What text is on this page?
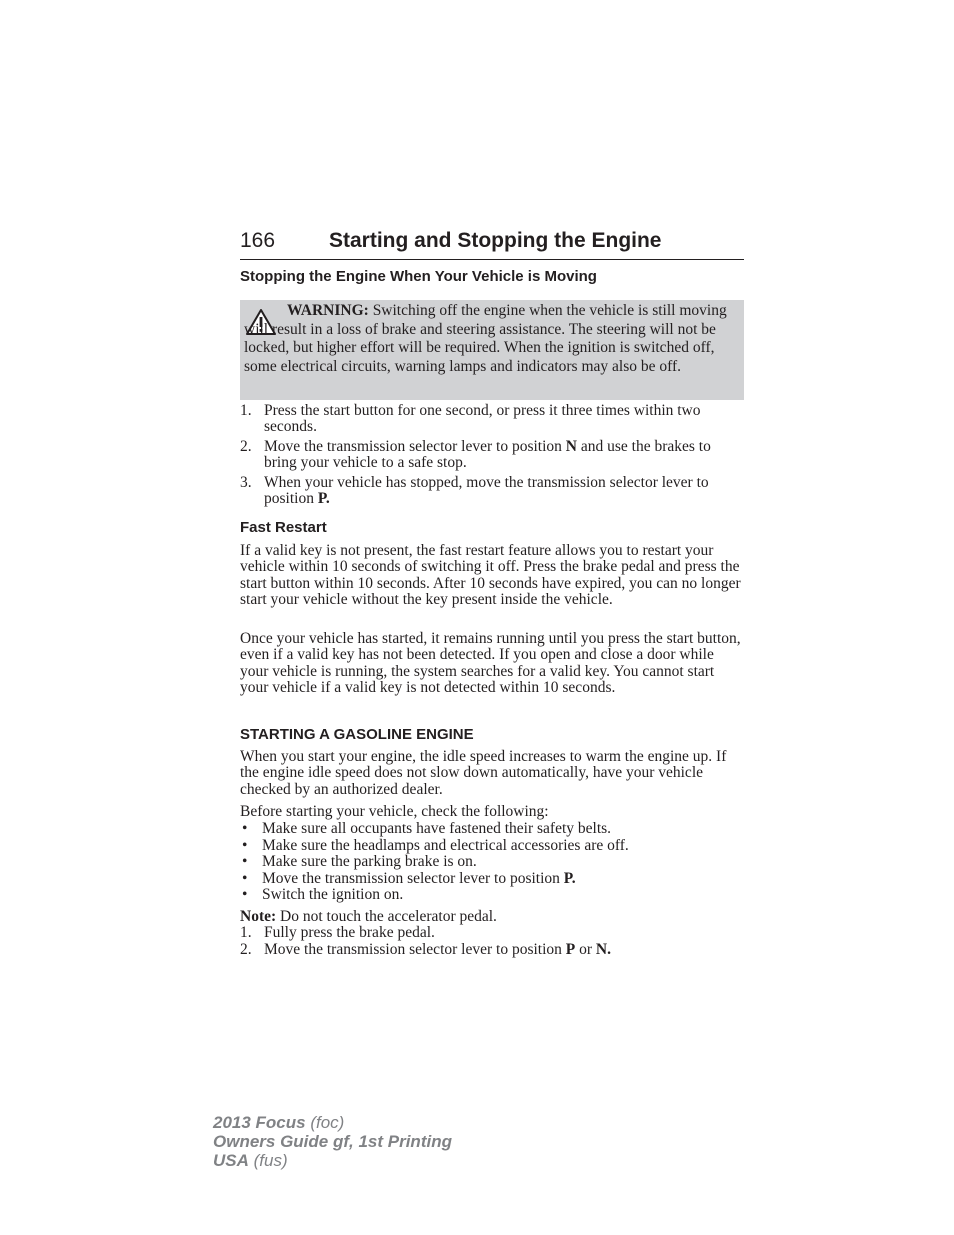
166	Starting and Stopping the Engine
Stopping the Engine When Your Vehicle is Moving
WARNING: Switching off the engine when the vehicle is still moving will result in a loss of brake and steering assistance. The steering will not be locked, but higher effort will be required. When the ignition is switched off, some electrical circuits, warning lamps and indicators may also be off.
1. Press the start button for one second, or press it three times within two seconds.
2. Move the transmission selector lever to position N and use the brakes to bring your vehicle to a safe stop.
3. When your vehicle has stopped, move the transmission selector lever to position P.
Fast Restart
If a valid key is not present, the fast restart feature allows you to restart your vehicle within 10 seconds of switching it off. Press the brake pedal and press the start button within 10 seconds. After 10 seconds have expired, you can no longer start your vehicle without the key present inside the vehicle.
Once your vehicle has started, it remains running until you press the start button, even if a valid key has not been detected. If you open and close a door while your vehicle is running, the system searches for a valid key. You cannot start your vehicle if a valid key is not detected within 10 seconds.
STARTING A GASOLINE ENGINE
When you start your engine, the idle speed increases to warm the engine up. If the engine idle speed does not slow down automatically, have your vehicle checked by an authorized dealer.
Before starting your vehicle, check the following:
• Make sure all occupants have fastened their safety belts.
• Make sure the headlamps and electrical accessories are off.
• Make sure the parking brake is on.
• Move the transmission selector lever to position P.
• Switch the ignition on.
Note: Do not touch the accelerator pedal.
1. Fully press the brake pedal.
2. Move the transmission selector lever to position P or N.
2013 Focus (foc)
Owners Guide gf, 1st Printing
USA (fus)
